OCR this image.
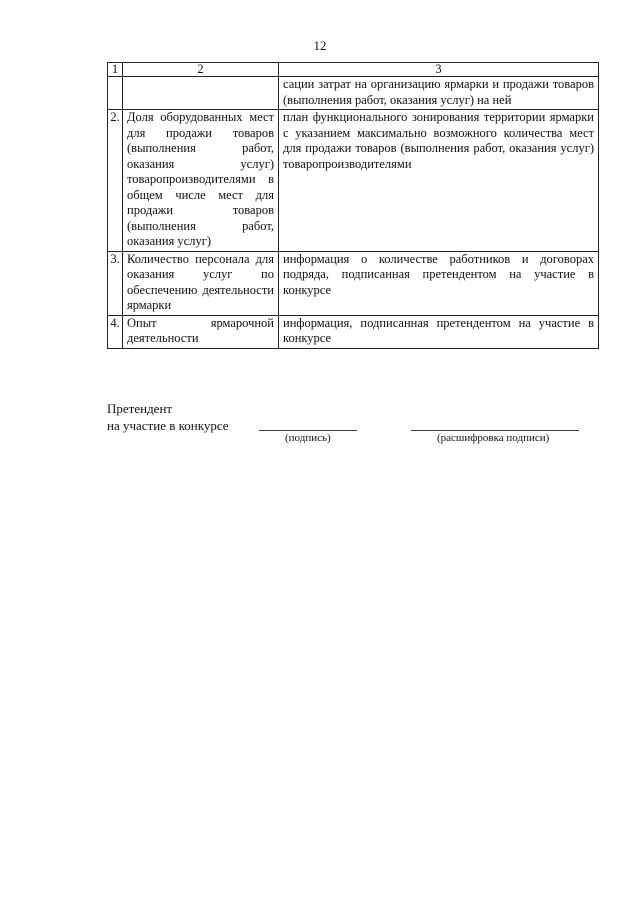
12
1	2	3
		сации затрат на организацию ярмарки и продажи товаров (выполнения работ, оказания услуг) на ней
2.	Доля оборудованных мест для продажи товаров (выполнения работ, оказания услуг) товаропроизводителями в общем числе мест для продажи товаров (выполнения работ, оказания услуг)	план функционального зонирования территории ярмарки с указанием максимально возможного количества мест для продажи товаров (выполнения работ, оказания услуг) товаропроизводителями
3.	Количество персонала для оказания услуг по обеспечению деятельности ярмарки	информация о количестве работников и договорах подряда, подписанная претендентом на участие в конкурсе
4.	Опыт ярмарочной деятельности	информация, подписанная претендентом на участие в конкурсе
Претендент
на участие в конкурсе
(подпись)	(расшифровка подписи)
